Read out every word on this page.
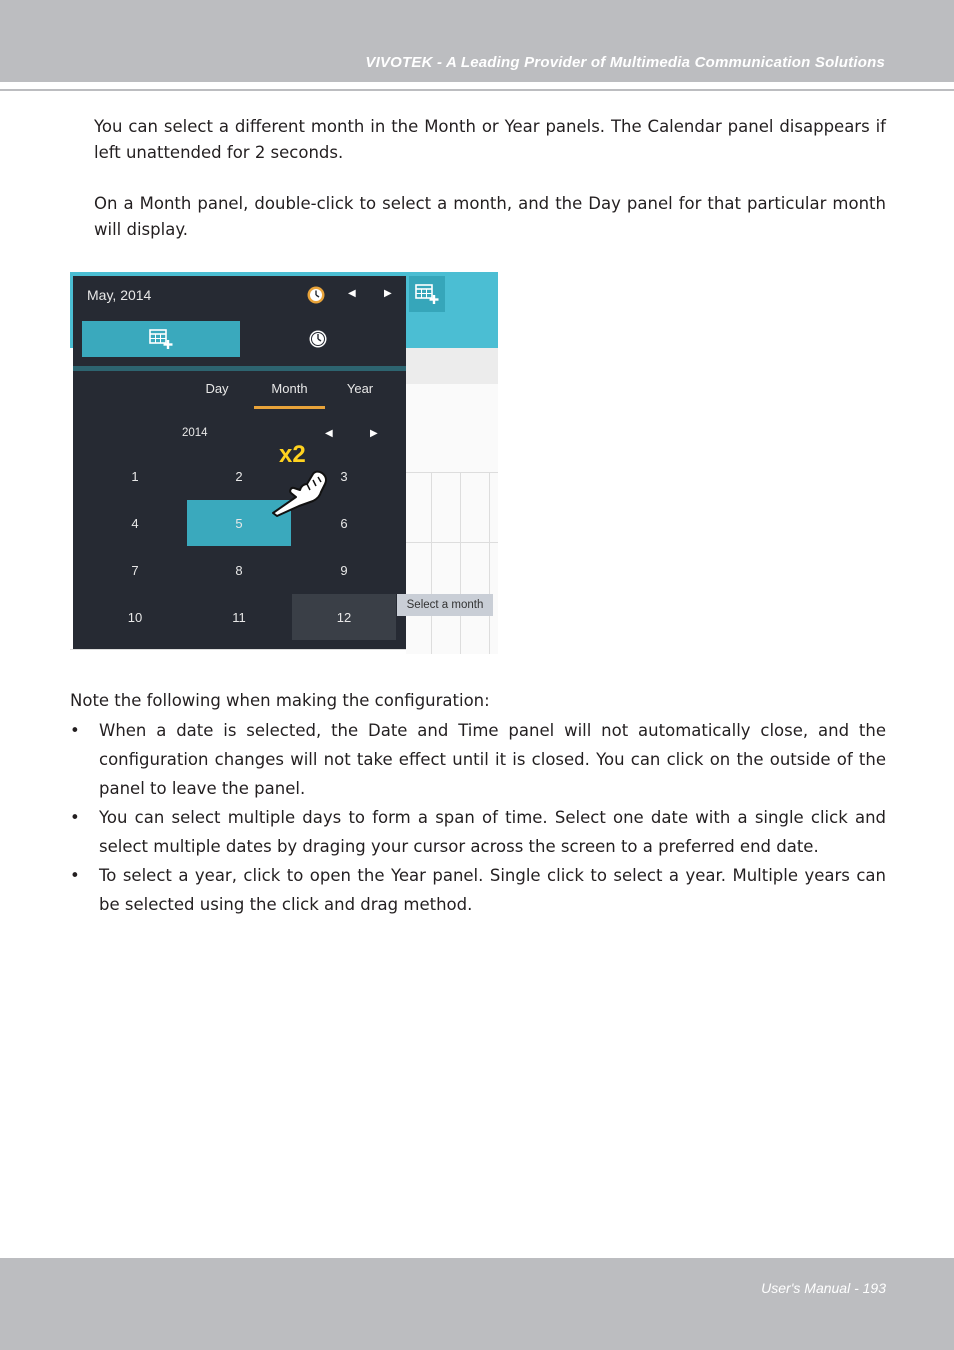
VIVOTEK - A Leading Provider of Multimedia Communication Solutions
You can select a different month in the Month or Year panels. The Calendar panel disappears if left unattended for 2 seconds.
On a Month panel, double-click to select a month, and the Day panel for that particular month will display.
May, 2014	◀	▶
Day	Month	Year
2014	◀	▶
1	2	3
4	5	6
7	8	9
10	11	12
Select a month
x2
Note the following when making the configuration:
• When a date is selected, the Date and Time panel will not automatically close, and the configuration changes will not take effect until it is closed. You can click on the outside of the panel to leave the panel.
• You can select multiple days to form a span of time. Select one date with a single click and select multiple dates by draging your cursor across the screen to a preferred end date.
• To select a year, click to open the Year panel. Single click to select a year. Multiple years can be selected using the click and drag method.
User's Manual - 193
